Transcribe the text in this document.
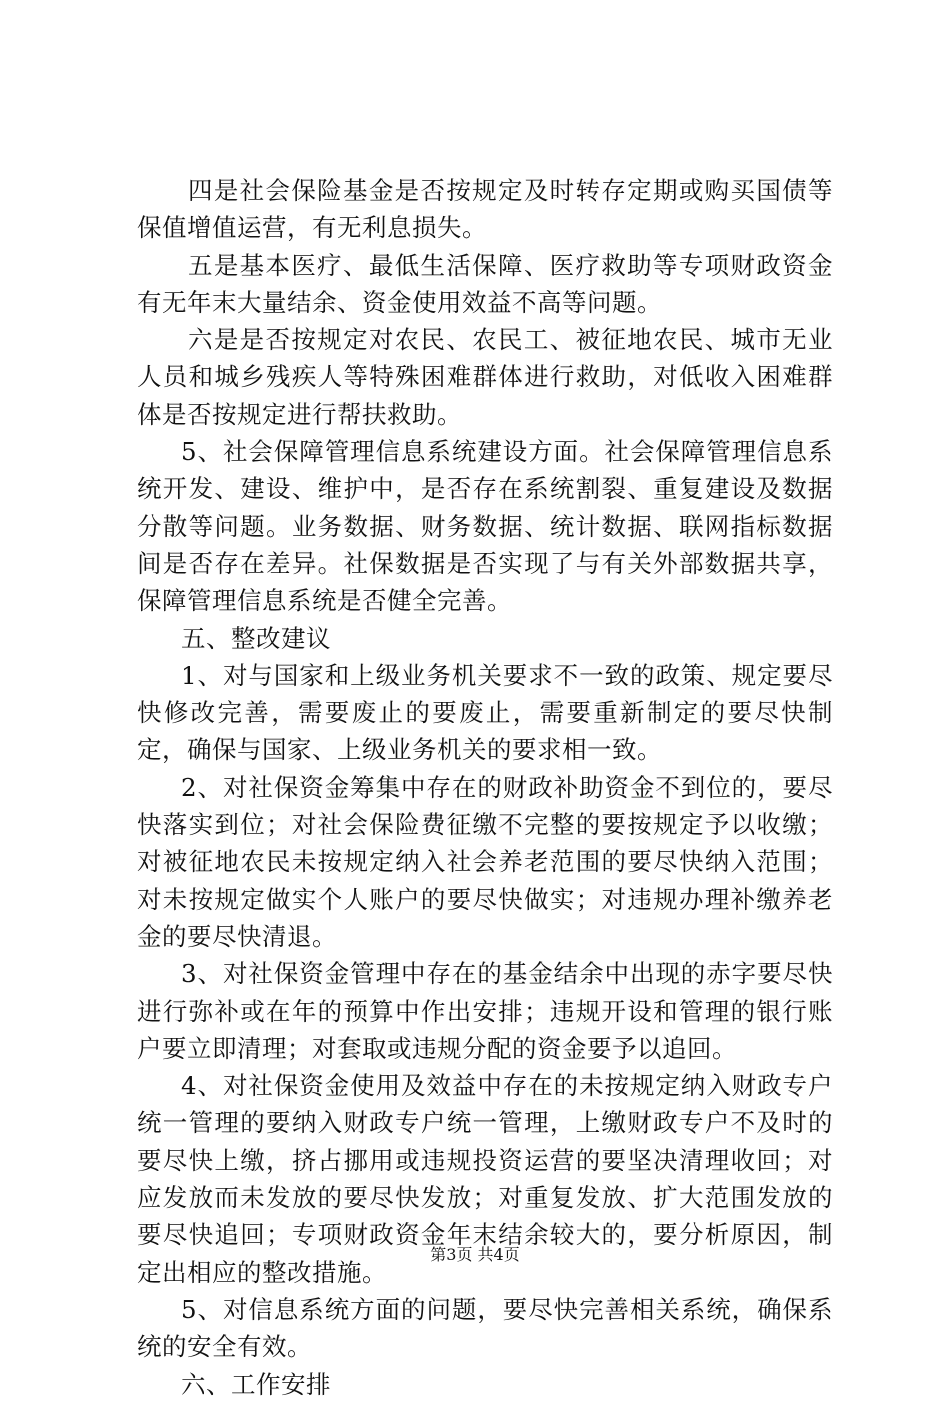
四是社会保险基金是否按规定及时转存定期或购买国债等保值增值运营，有无利息损失。

五是基本医疗、最低生活保障、医疗救助等专项财政资金有无年末大量结余、资金使用效益不高等问题。

六是是否按规定对农民、农民工、被征地农民、城市无业人员和城乡残疾人等特殊困难群体进行救助，对低收入困难群体是否按规定进行帮扶救助。

5、社会保障管理信息系统建设方面。社会保障管理信息系统开发、建设、维护中，是否存在系统割裂、重复建设及数据分散等问题。业务数据、财务数据、统计数据、联网指标数据间是否存在差异。社保数据是否实现了与有关外部数据共享，保障管理信息系统是否健全完善。

五、整改建议

1、对与国家和上级业务机关要求不一致的政策、规定要尽快修改完善，需要废止的要废止，需要重新制定的要尽快制定，确保与国家、上级业务机关的要求相一致。

2、对社保资金筹集中存在的财政补助资金不到位的，要尽快落实到位；对社会保险费征缴不完整的要按规定予以收缴；对被征地农民未按规定纳入社会养老范围的要尽快纳入范围；对未按规定做实个人账户的要尽快做实；对违规办理补缴养老金的要尽快清退。

3、对社保资金管理中存在的基金结余中出现的赤字要尽快进行弥补或在年的预算中作出安排；违规开设和管理的银行账户要立即清理；对套取或违规分配的资金要予以追回。

4、对社保资金使用及效益中存在的未按规定纳入财政专户统一管理的要纳入财政专户统一管理，上缴财政专户不及时的要尽快上缴，挤占挪用或违规投资运营的要坚决清理收回；对应发放而未发放的要尽快发放；对重复发放、扩大范围发放的要尽快追回；专项财政资金年末结余较大的，要分析原因，制定出相应的整改措施。

5、对信息系统方面的问题，要尽快完善相关系统，确保系统的安全有效。

六、工作安排

第3页 共4页
